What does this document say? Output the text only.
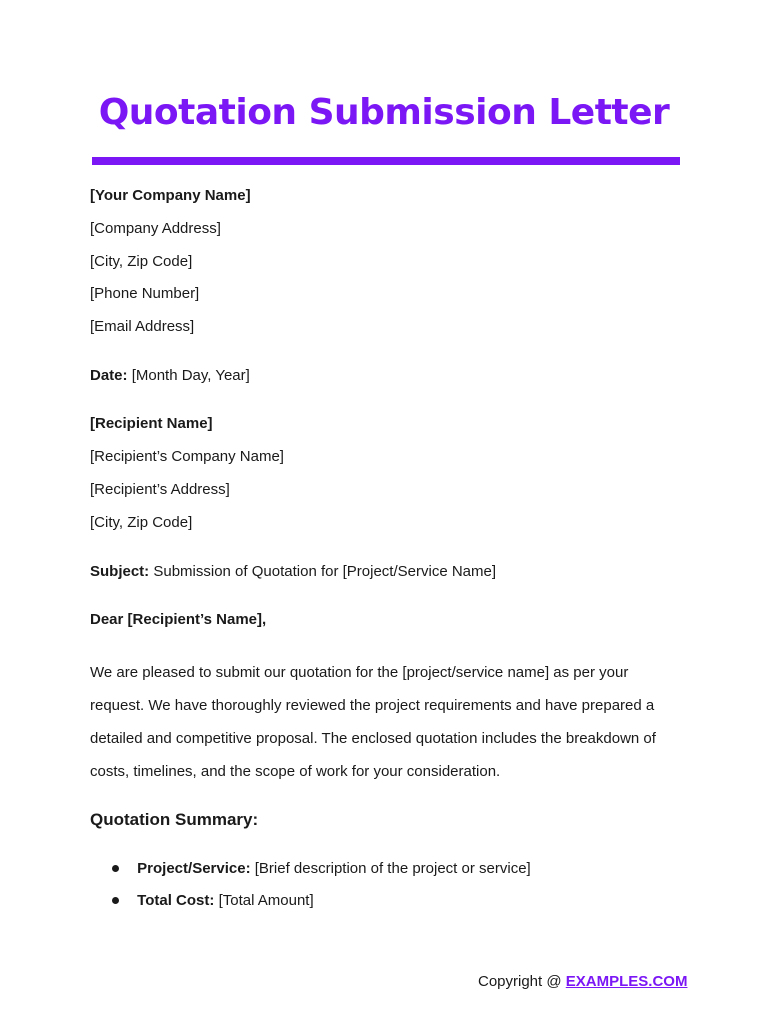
Quotation Submission Letter
[Your Company Name]
[Company Address]
[City, Zip Code]
[Phone Number]
[Email Address]
Date: [Month Day, Year]
[Recipient Name]
[Recipient’s Company Name]
[Recipient’s Address]
[City, Zip Code]
Subject: Submission of Quotation for [Project/Service Name]
Dear [Recipient’s Name],
We are pleased to submit our quotation for the [project/service name] as per your
request. We have thoroughly reviewed the project requirements and have prepared a
detailed and competitive proposal. The enclosed quotation includes the breakdown of
costs, timelines, and the scope of work for your consideration.
Quotation Summary:
Project/Service: [Brief description of the project or service]
Total Cost: [Total Amount]
Copyright @ EXAMPLES.COM
